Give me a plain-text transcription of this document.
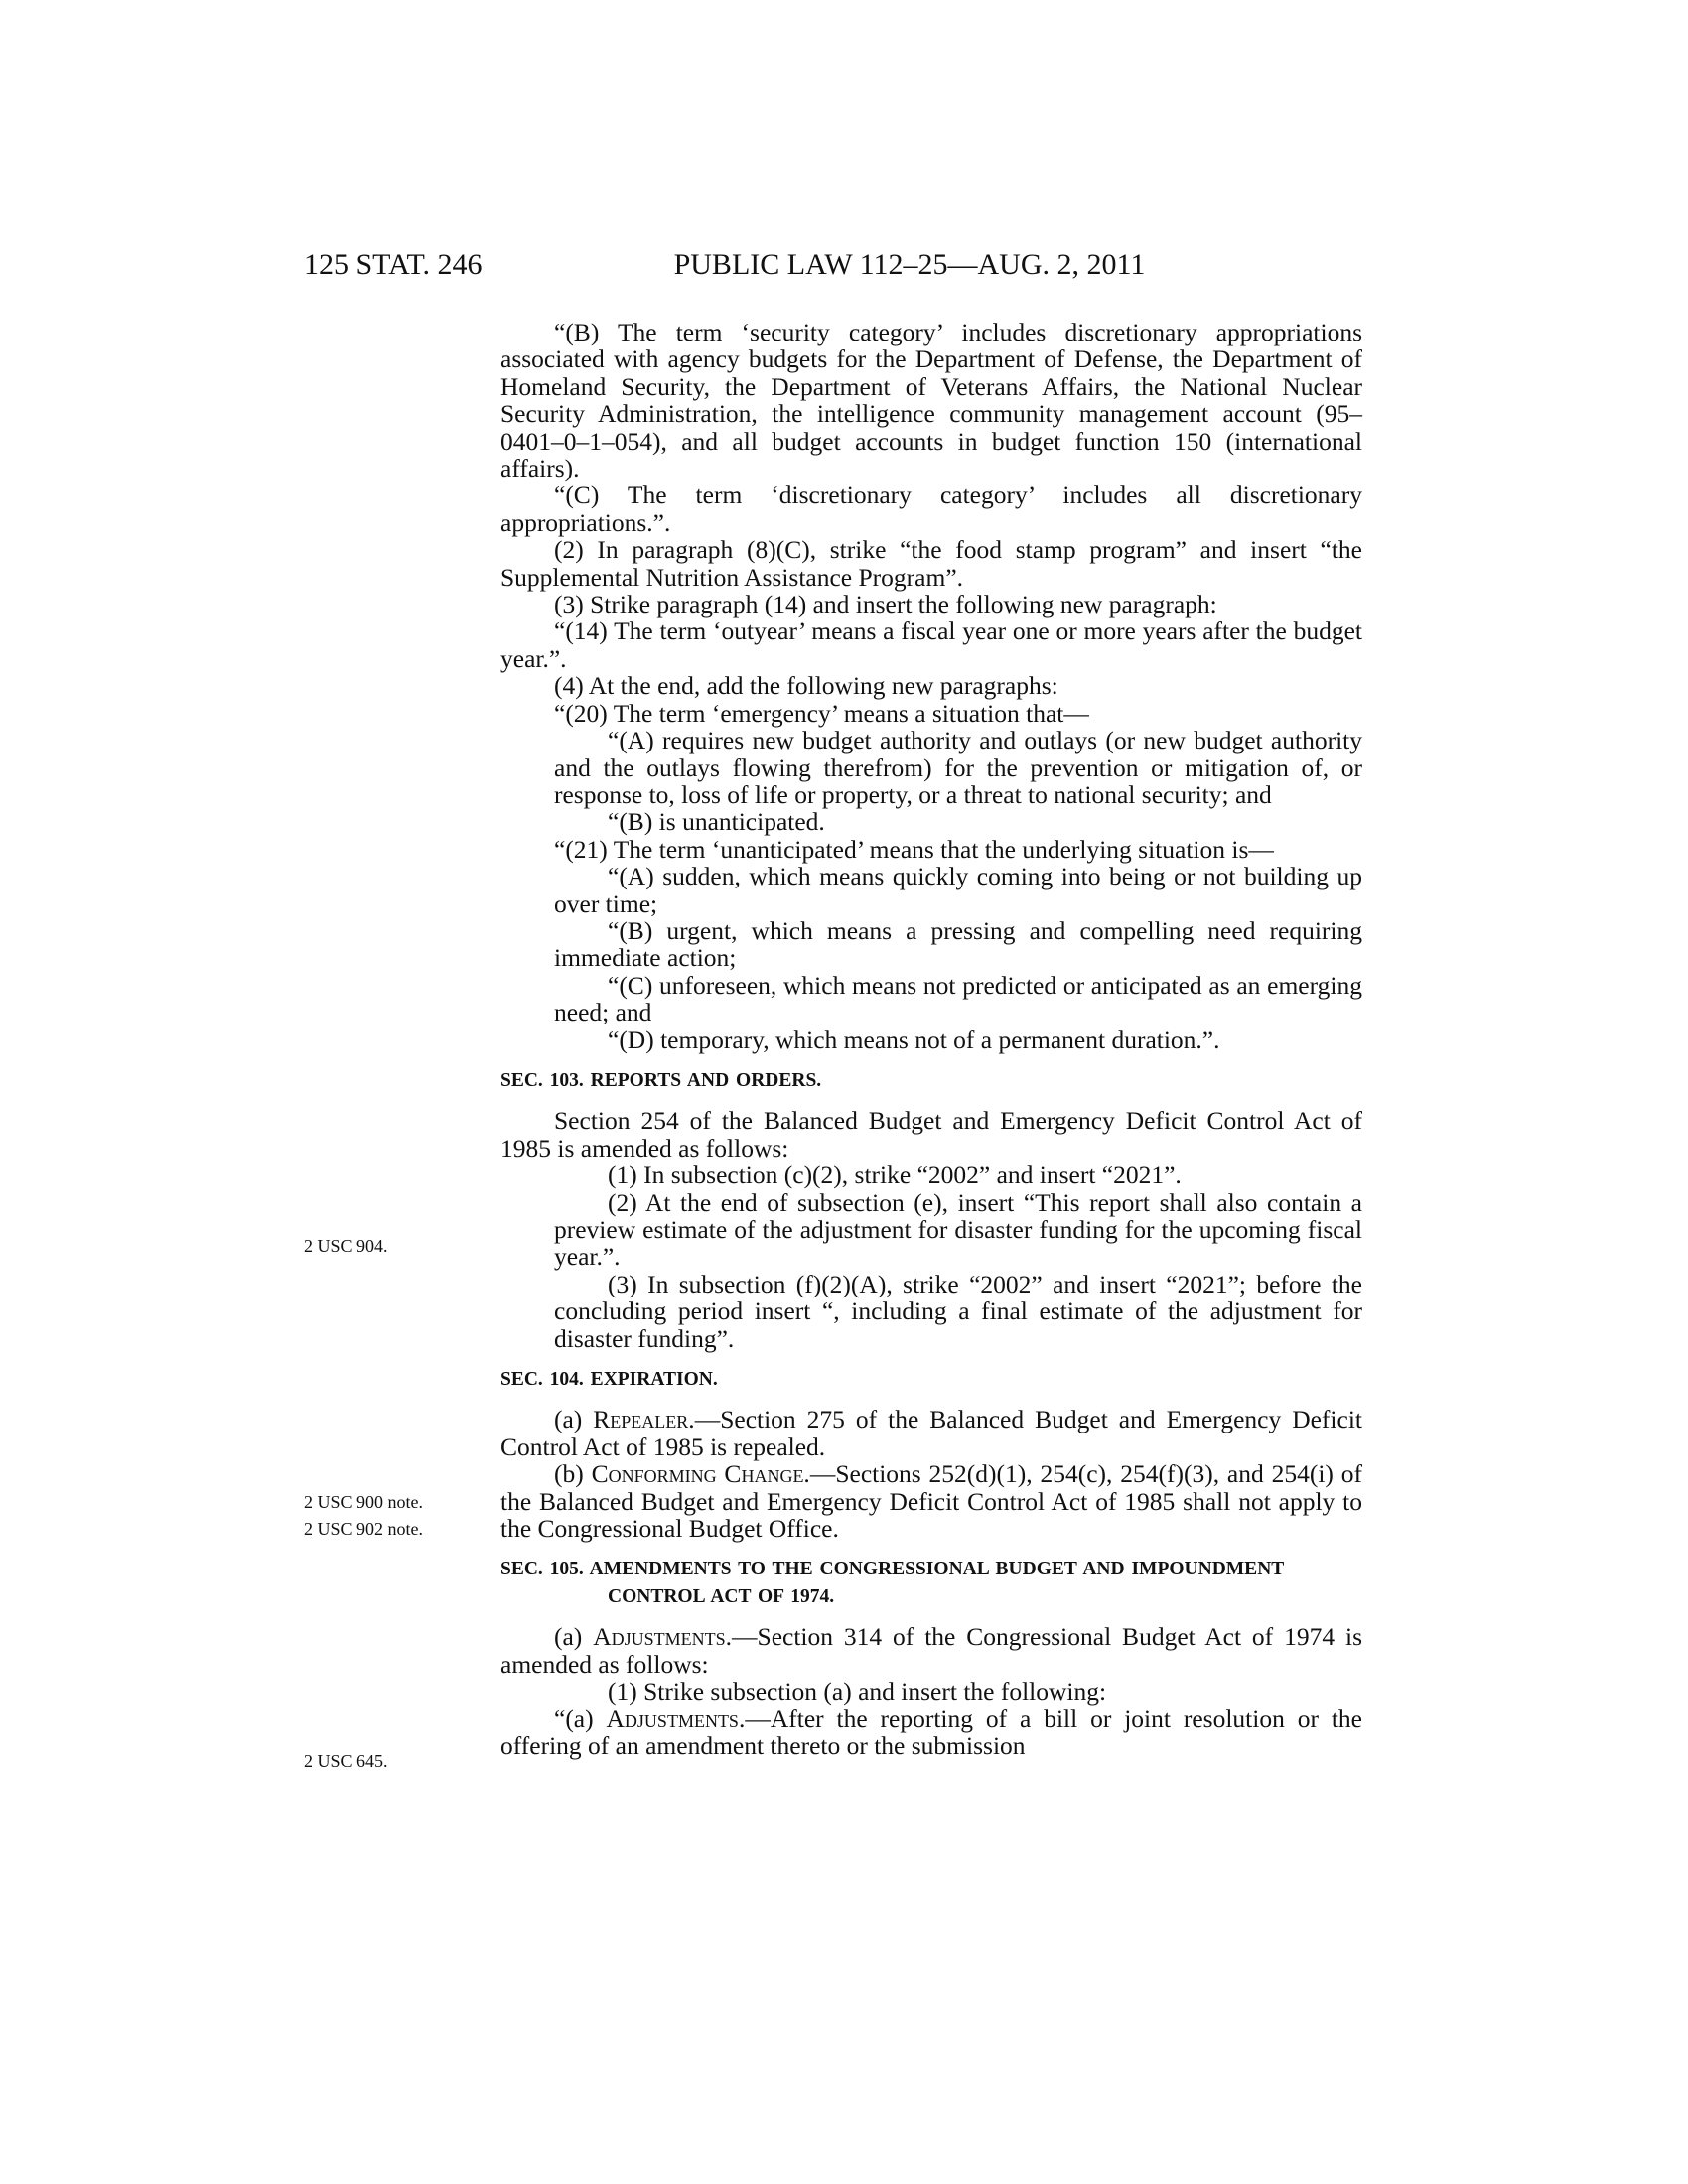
125 STAT. 246	PUBLIC LAW 112–25—AUG. 2, 2011
2 USC 904.
2 USC 900 note.
2 USC 902 note.
2 USC 645.

“(B) The term ‘security category’ includes discretionary appropriations associated with agency budgets for the Department of Defense, the Department of Homeland Security, the Department of Veterans Affairs, the National Nuclear Security Administration, the intelligence community management account (95–0401–0–1–054), and all budget accounts in budget function 150 (international affairs).

“(C) The term ‘discretionary category’ includes all discretionary appropriations.”.

(2) In paragraph (8)(C), strike “the food stamp program” and insert “the Supplemental Nutrition Assistance Program”.

(3) Strike paragraph (14) and insert the following new paragraph:

“(14) The term ‘outyear’ means a fiscal year one or more years after the budget year.”.

(4) At the end, add the following new paragraphs:

“(20) The term ‘emergency’ means a situation that—

“(A) requires new budget authority and outlays (or new budget authority and the outlays flowing therefrom) for the prevention or mitigation of, or response to, loss of life or property, or a threat to national security; and

“(B) is unanticipated.

“(21) The term ‘unanticipated’ means that the underlying situation is—

“(A) sudden, which means quickly coming into being or not building up over time;

“(B) urgent, which means a pressing and compelling need requiring immediate action;

“(C) unforeseen, which means not predicted or anticipated as an emerging need; and

“(D) temporary, which means not of a permanent duration.”.

SEC. 103. REPORTS AND ORDERS.

Section 254 of the Balanced Budget and Emergency Deficit Control Act of 1985 is amended as follows:

(1) In subsection (c)(2), strike “2002” and insert “2021”.

(2) At the end of subsection (e), insert “This report shall also contain a preview estimate of the adjustment for disaster funding for the upcoming fiscal year.”.

(3) In subsection (f)(2)(A), strike “2002” and insert “2021”; before the concluding period insert “, including a final estimate of the adjustment for disaster funding”.

SEC. 104. EXPIRATION.

(a) Repealer.—Section 275 of the Balanced Budget and Emergency Deficit Control Act of 1985 is repealed.

(b) Conforming Change.—Sections 252(d)(1), 254(c), 254(f)(3), and 254(i) of the Balanced Budget and Emergency Deficit Control Act of 1985 shall not apply to the Congressional Budget Office.

SEC. 105. AMENDMENTS TO THE CONGRESSIONAL BUDGET AND IMPOUNDMENT CONTROL ACT OF 1974.

(a) Adjustments.—Section 314 of the Congressional Budget Act of 1974 is amended as follows:

(1) Strike subsection (a) and insert the following:

“(a) Adjustments.—After the reporting of a bill or joint resolution or the offering of an amendment thereto or the submission
